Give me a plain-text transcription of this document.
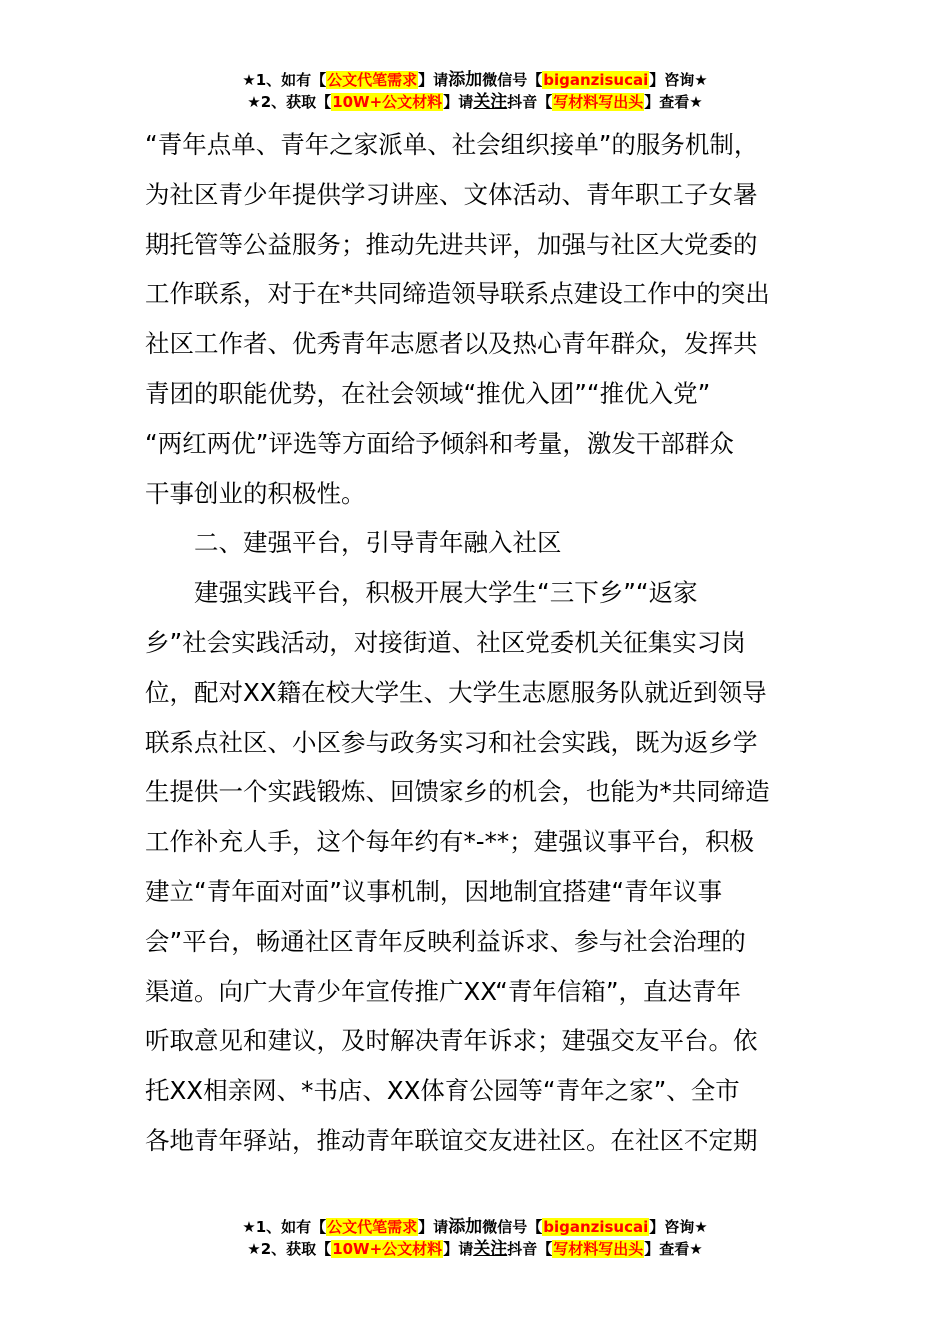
★1、如有【公文代笔需求】请添加微信号【biganzisucai】咨询★
★2、获取【10W+公文材料】请关注抖音【写材料写出头】查看★

“青年点单、青年之家派单、社会组织接单”的服务机制，

为社区青少年提供学习讲座、文体活动、青年职工子女暑

期托管等公益服务；推动先进共评，加强与社区大党委的

工作联系，对于在*共同缔造领导联系点建设工作中的突出

社区工作者、优秀青年志愿者以及热心青年群众，发挥共

青团的职能优势，在社会领域“推优入团”“推优入党”

“两红两优”评选等方面给予倾斜和考量，激发干部群众

干事创业的积极性。

二、建强平台，引导青年融入社区

建强实践平台，积极开展大学生“三下乡”“返家

乡”社会实践活动，对接街道、社区党委机关征集实习岗

位，配对XX籍在校大学生、大学生志愿服务队就近到领导

联系点社区、小区参与政务实习和社会实践，既为返乡学

生提供一个实践锻炼、回馈家乡的机会，也能为*共同缔造

工作补充人手，这个每年约有*-**；建强议事平台，积极

建立“青年面对面”议事机制，因地制宜搭建“青年议事

会”平台，畅通社区青年反映利益诉求、参与社会治理的

渠道。向广大青少年宣传推广XX“青年信箱”，直达青年

听取意见和建议，及时解决青年诉求；建强交友平台。依

托XX相亲网、*书店、XX体育公园等“青年之家”、全市

各地青年驿站，推动青年联谊交友进社区。在社区不定期

★1、如有【公文代笔需求】请添加微信号【biganzisucai】咨询★
★2、获取【10W+公文材料】请关注抖音【写材料写出头】查看★
